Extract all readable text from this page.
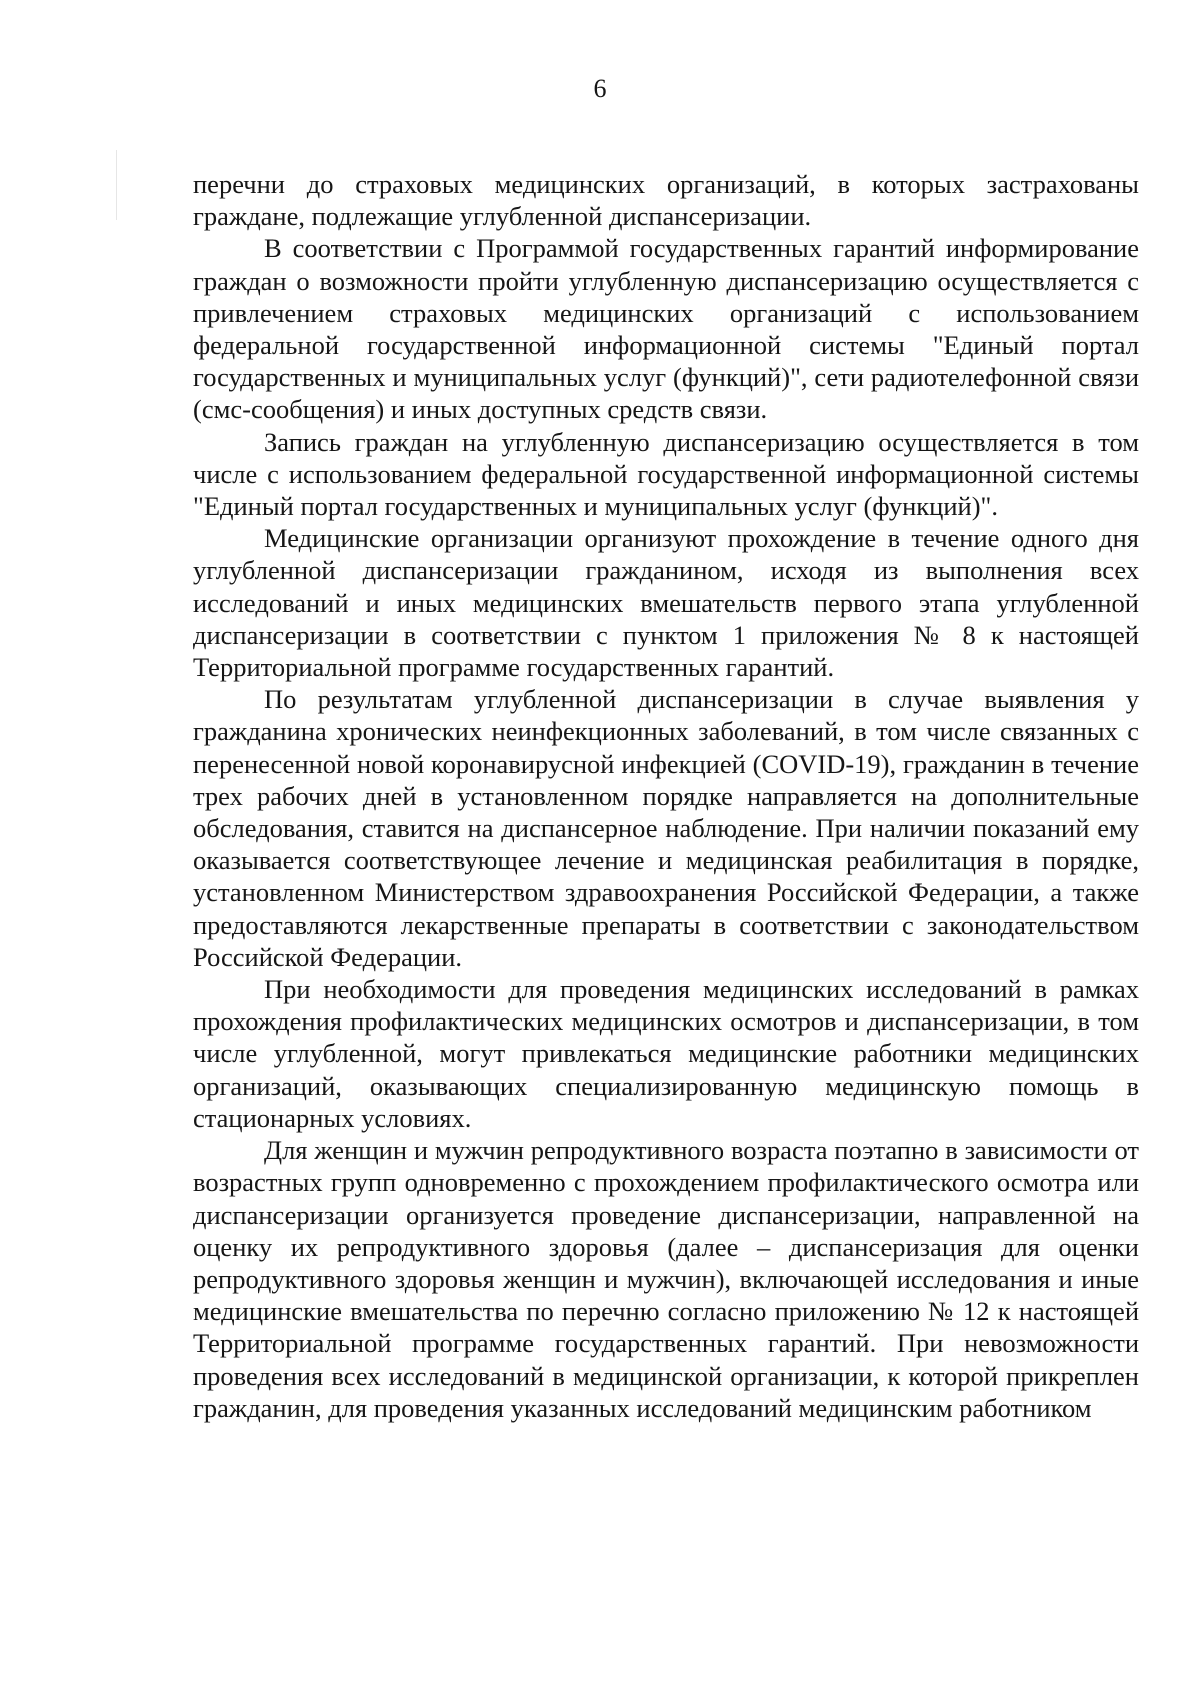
6

перечни до страховых медицинских организаций, в которых застрахованы граждане, подлежащие углубленной диспансеризации.

В соответствии с Программой государственных гарантий информирование граждан о возможности пройти углубленную диспансеризацию осуществляется с привлечением страховых медицинских организаций с использованием федеральной государственной информационной системы "Единый портал государственных и муниципальных услуг (функций)", сети радиотелефонной связи (смс-сообщения) и иных доступных средств связи.

Запись граждан на углубленную диспансеризацию осуществляется в том числе с использованием федеральной государственной информационной системы "Единый портал государственных и муниципальных услуг (функций)".

Медицинские организации организуют прохождение в течение одного дня углубленной диспансеризации гражданином, исходя из выполнения всех исследований и иных медицинских вмешательств первого этапа углубленной диспансеризации в соответствии с пунктом 1 приложения № 8 к настоящей Территориальной программе государственных гарантий.

По результатам углубленной диспансеризации в случае выявления у гражданина хронических неинфекционных заболеваний, в том числе связанных с перенесенной новой коронавирусной инфекцией (COVID-19), гражданин в течение трех рабочих дней в установленном порядке направляется на дополнительные обследования, ставится на диспансерное наблюдение. При наличии показаний ему оказывается соответствующее лечение и медицинская реабилитация в порядке, установленном Министерством здравоохранения Российской Федерации, а также предоставляются лекарственные препараты в соответствии с законодательством Российской Федерации.

При необходимости для проведения медицинских исследований в рамках прохождения профилактических медицинских осмотров и диспансеризации, в том числе углубленной, могут привлекаться медицинские работники медицинских организаций, оказывающих специализированную медицинскую помощь в стационарных условиях.

Для женщин и мужчин репродуктивного возраста поэтапно в зависимости от возрастных групп одновременно с прохождением профилактического осмотра или диспансеризации организуется проведение диспансеризации, направленной на оценку их репродуктивного здоровья (далее – диспансеризация для оценки репродуктивного здоровья женщин и мужчин), включающей исследования и иные медицинские вмешательства по перечню согласно приложению № 12 к настоящей Территориальной программе государственных гарантий. При невозможности проведения всех исследований в медицинской организации, к которой прикреплен гражданин, для проведения указанных исследований медицинским работником
